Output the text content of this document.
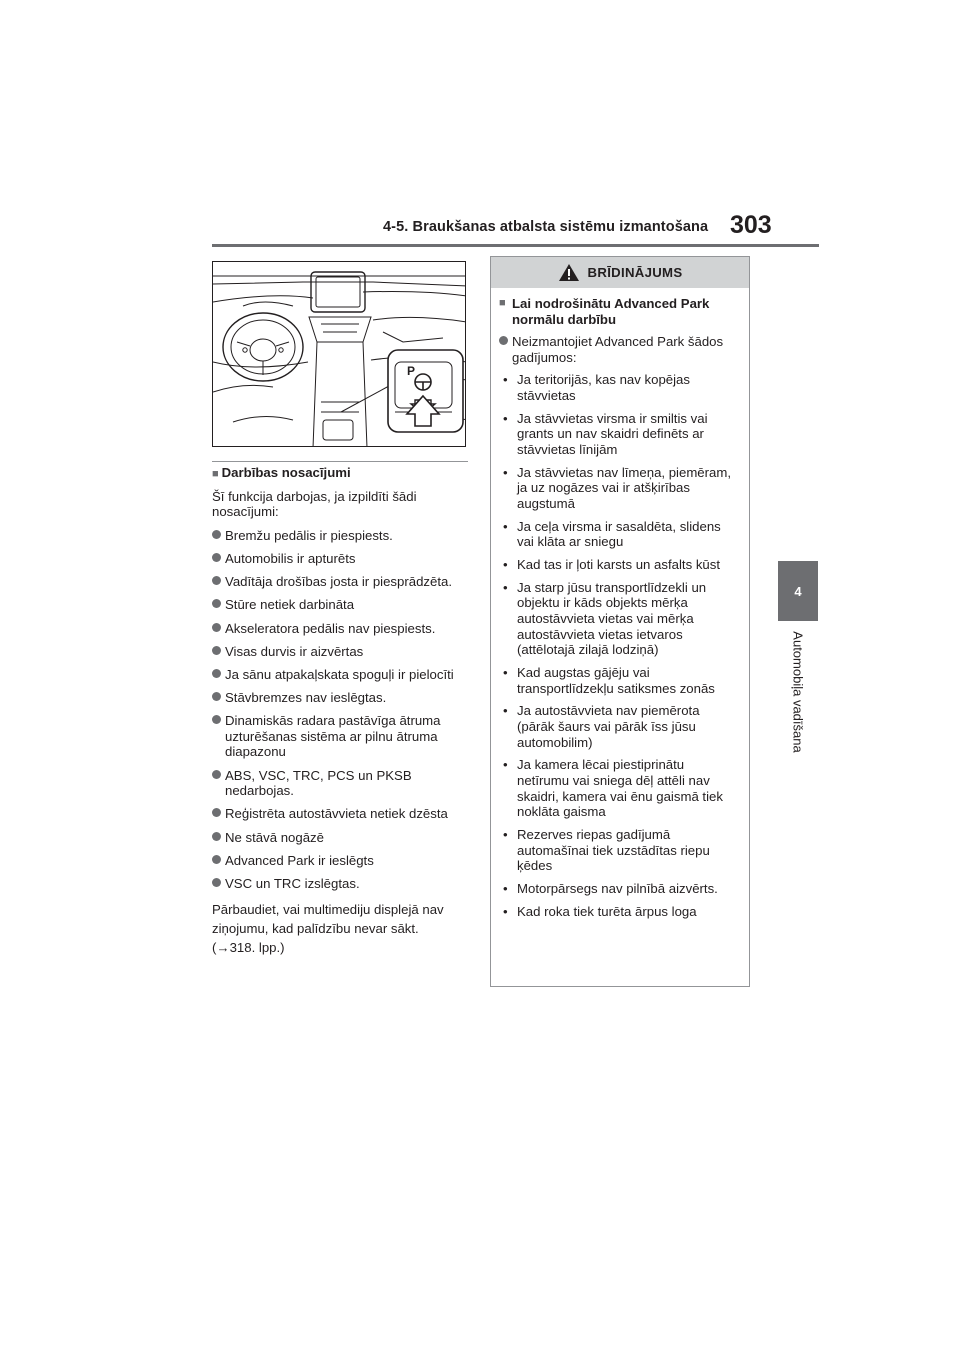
4-5. Braukšanas atbalsta sistēmu izmantošana 303
4
Automobiļa vadīšana
P
■ Darbības nosacījumi
Šī funkcija darbojas, ja izpildīti šādi nosacījumi:
Bremžu pedālis ir piespiests.
Automobilis ir apturēts
Vadītāja drošības josta ir piesprādzēta.
Stūre netiek darbināta
Akseleratora pedālis nav piespiests.
Visas durvis ir aizvērtas
Ja sānu atpakaļskata spoguļi ir pielocīti
Stāvbremzes nav ieslēgtas.
Dinamiskās radara pastāvīga ātruma uzturēšanas sistēma ar pilnu ātruma diapazonu
ABS, VSC, TRC, PCS un PKSB nedarbojas.
Reģistrēta autostāvvieta netiek dzēsta
Ne stāvā nogāzē
Advanced Park ir ieslēgts
VSC un TRC izslēgtas.
Pārbaudiet, vai multimediju displejā nav
ziņojumu, kad palīdzību nevar sākt.
(→318. lpp.)
BRĪDINĀJUMS
■ Lai nodrošinātu Advanced Park normālu darbību
Neizmantojiet Advanced Park šādos gadījumos:
• Ja teritorijās, kas nav kopējas stāvvietas
• Ja stāvvietas virsma ir smiltis vai grants un nav skaidri definēts ar stāvvietas līnijām
• Ja stāvvietas nav līmeņa, piemēram, ja uz nogāzes vai ir atšķirības augstumā
• Ja ceļa virsma ir sasaldēta, slidens vai klāta ar sniegu
• Kad tas ir ļoti karsts un asfalts kūst
• Ja starp jūsu transportlīdzekli un objektu ir kāds objekts mērķa autostāvvieta vietas vai mērķa autostāvvieta vietas ietvaros (attēlotajā zilajā lodziņā)
• Kad augstas gājēju vai transportlīdzekļu satiksmes zonās
• Ja autostāvvieta nav piemērota (pārāk šaurs vai pārāk īss jūsu automobilim)
• Ja kamera lēcai piestiprinātu netīrumu vai sniega dēļ attēli nav skaidri, kamera vai ēnu gaismā tiek noklāta gaisma
• Rezerves riepas gadījumā automašīnai tiek uzstādītas riepu ķēdes
• Motorpārsegs nav pilnībā aizvērts.
• Kad roka tiek turēta ārpus loga
